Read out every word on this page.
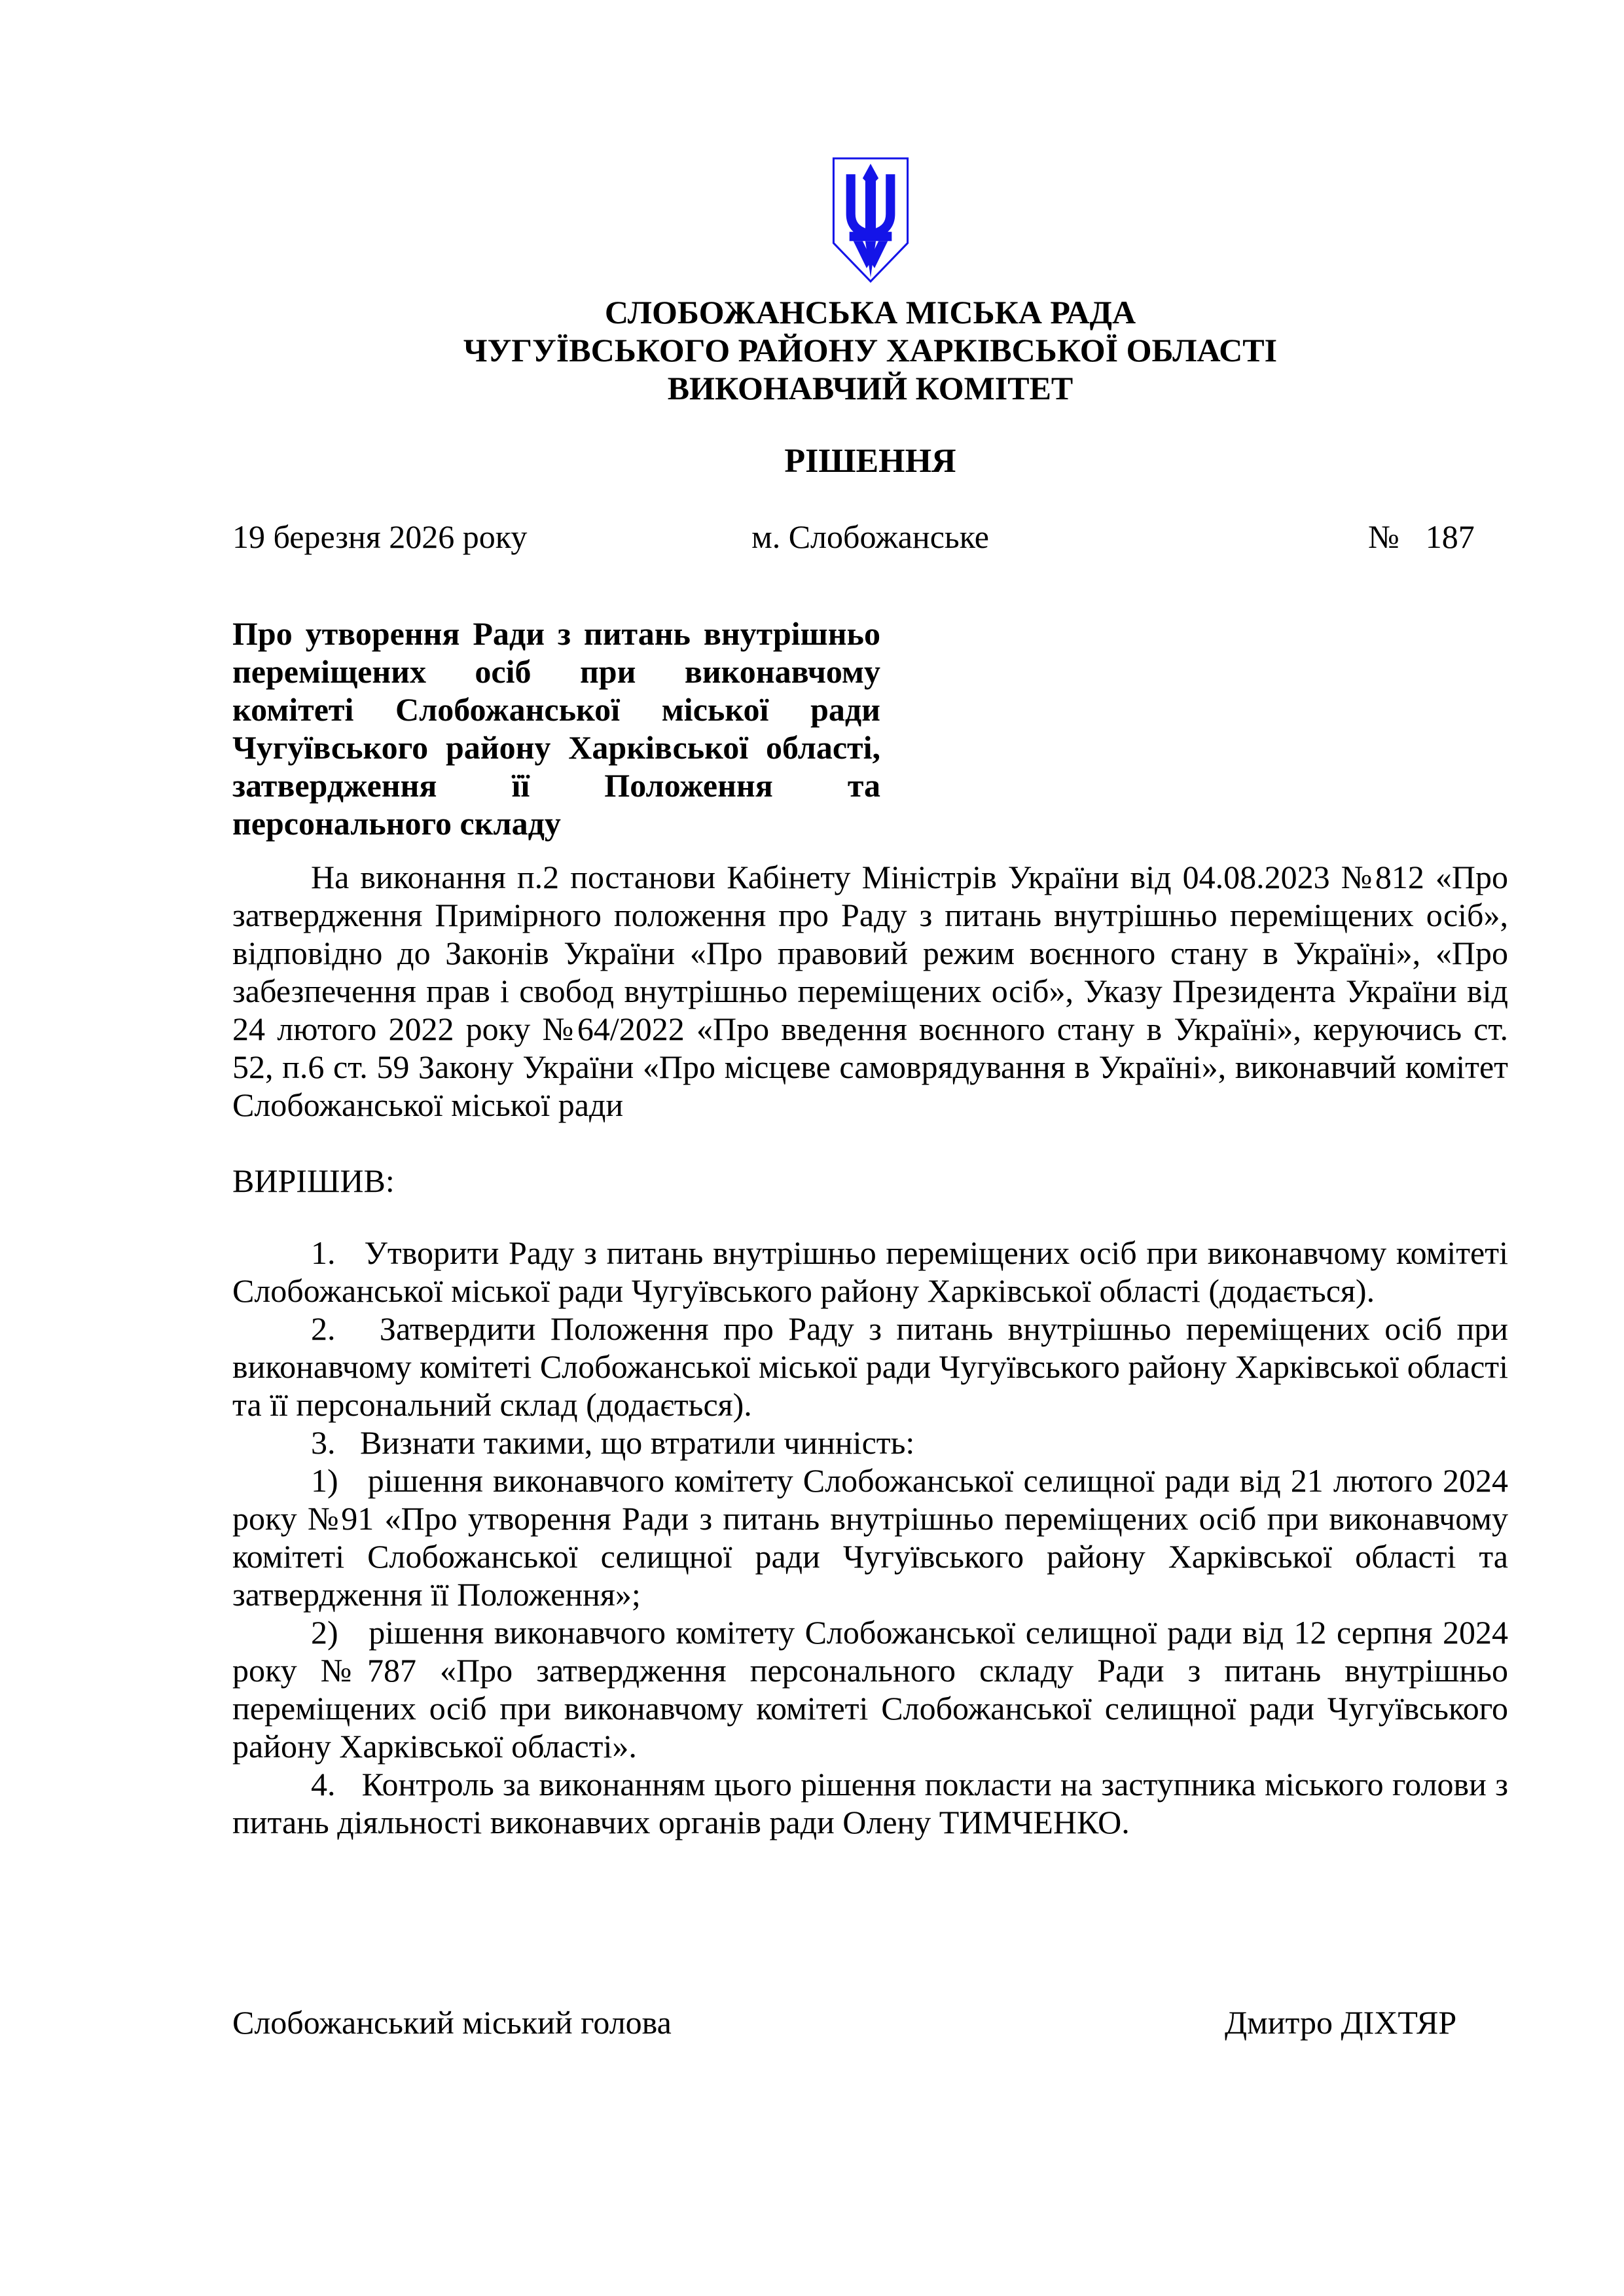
СЛОБОЖАНСЬКА МІСЬКА РАДА
ЧУГУЇВСЬКОГО РАЙОНУ ХАРКІВСЬКОЇ ОБЛАСТІ
ВИКОНАВЧИЙ КОМІТЕТ
РІШЕННЯ
19 березня 2026 року	м. Слобожанське	№ 187
Про утворення Ради з питань внутрішньо переміщених осіб при виконавчому комітеті Слобожанської міської ради Чугуївського району Харківської області, затвердження її Положення та персонального складу

На виконання п.2 постанови Кабінету Міністрів України від 04.08.2023 №812 «Про затвердження Примірного положення про Раду з питань внутрішньо переміщених осіб», відповідно до Законів України «Про правовий режим воєнного стану в Україні», «Про забезпечення прав і свобод внутрішньо переміщених осіб», Указу Президента України від 24 лютого 2022 року №64/2022 «Про введення воєнного стану в Україні», керуючись ст. 52, п.6 ст. 59 Закону України «Про місцеве самоврядування в Україні», виконавчий комітет Слобожанської міської ради

ВИРІШИВ:

1.   Утворити Раду з питань внутрішньо переміщених осіб при виконавчому комітеті Слобожанської міської ради Чугуївського району Харківської області (додається).

2.   Затвердити Положення про Раду з питань внутрішньо переміщених осіб при виконавчому комітеті Слобожанської міської ради Чугуївського району Харківської області та її персональний склад (додається).

3.   Визнати такими, що втратили чинність:

1)   рішення виконавчого комітету Слобожанської селищної ради від 21 лютого 2024 року №91 «Про утворення Ради з питань внутрішньо переміщених осіб при виконавчому комітеті Слобожанської селищної ради Чугуївського району Харківської області та затвердження її Положення»;

2)   рішення виконавчого комітету Слобожанської селищної ради від 12 серпня 2024 року №787 «Про затвердження персонального складу Ради з питань внутрішньо переміщених осіб при виконавчому комітеті Слобожанської селищної ради Чугуївського району Харківської області».

4.   Контроль за виконанням цього рішення покласти на заступника міського голови з питань діяльності виконавчих органів ради Олену ТИМЧЕНКО.

Слобожанський міський голова	Дмитро ДІХТЯР
